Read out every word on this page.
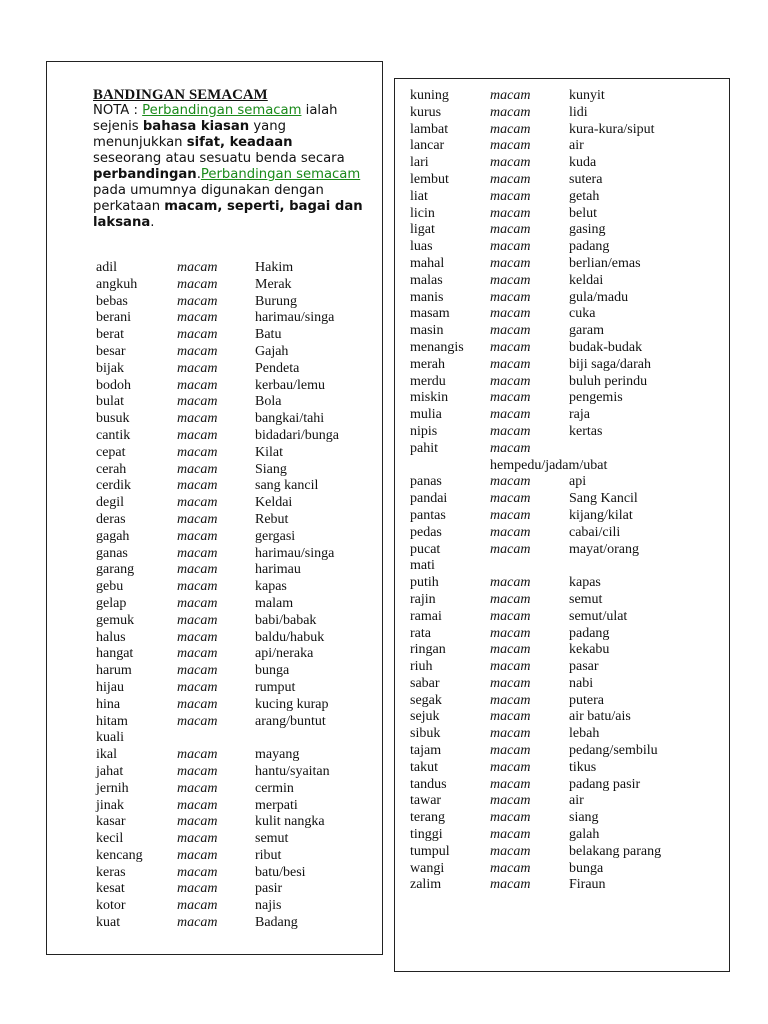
BANDINGAN SEMACAM
NOTA : Perbandingan semacam ialah sejenis bahasa kiasan yang menunjukkan sifat, keadaan seseorang atau sesuatu benda secara perbandingan.Perbandingan semacam pada umumnya digunakan dengan perkataan macam, seperti, bagai dan laksana.
adil	macam	Hakim
angkuh	macam	Merak
bebas	macam	Burung
berani	macam	harimau/singa
berat	macam	Batu
besar	macam	Gajah
bijak	macam	Pendeta
bodoh	macam	kerbau/lemu
bulat	macam	Bola
busuk	macam	bangkai/tahi
cantik	macam	bidadari/bunga
cepat	macam	Kilat
cerah	macam	Siang
cerdik	macam	sang kancil
degil	macam	Keldai
deras	macam	Rebut
gagah	macam	gergasi
ganas	macam	harimau/singa
garang	macam	harimau
gebu	macam	kapas
gelap	macam	malam
gemuk	macam	babi/babak
halus	macam	baldu/habuk
hangat	macam	api/neraka
harum	macam	bunga
hijau	macam	rumput
hina	macam	kucing kurap
hitam	macam	arang/buntut
kuali
ikal	macam	mayang
jahat	macam	hantu/syaitan
jernih	macam	cermin
jinak	macam	merpati
kasar	macam	kulit nangka
kecil	macam	semut
kencang macam	ribut
keras	macam	batu/besi
kesat	macam	pasir
kotor	macam	najis
kuat	macam	Badang
kuning	macam	kunyit
kurus	macam	lidi
lambat	macam	kura-kura/siput
lancar	macam	air
lari	macam	kuda
lembut	macam	sutera
liat	macam	getah
licin	macam	belut
ligat	macam	gasing
luas	macam	padang
mahal	macam	berlian/emas
malas	macam	keldai
manis	macam	gula/madu
masam	macam	cuka
masin	macam	garam
menangis macam	budak-budak
merah	macam	biji saga/darah
merdu	macam	buluh perindu
miskin	macam	pengemis
mulia	macam	raja
nipis	macam	kertas
pahit	macam
hempedu/jadam/ubat
panas	macam	api
pandai	macam	Sang Kancil
pantas	macam	kijang/kilat
pedas	macam	cabai/cili
pucat	macam	mayat/orang
mati
putih	macam	kapas
rajin	macam	semut
ramai	macam	semut/ulat
rata	macam	padang
ringan	macam	kekabu
riuh	macam	pasar
sabar	macam	nabi
segak	macam	putera
sejuk	macam	air batu/ais
sibuk	macam	lebah
tajam	macam	pedang/sembilu
takut	macam	tikus
tandus	macam	padang pasir
tawar	macam	air
terang	macam	siang
tinggi	macam	galah
tumpul	macam	belakang parang
wangi	macam	bunga
zalim	macam	Firaun
